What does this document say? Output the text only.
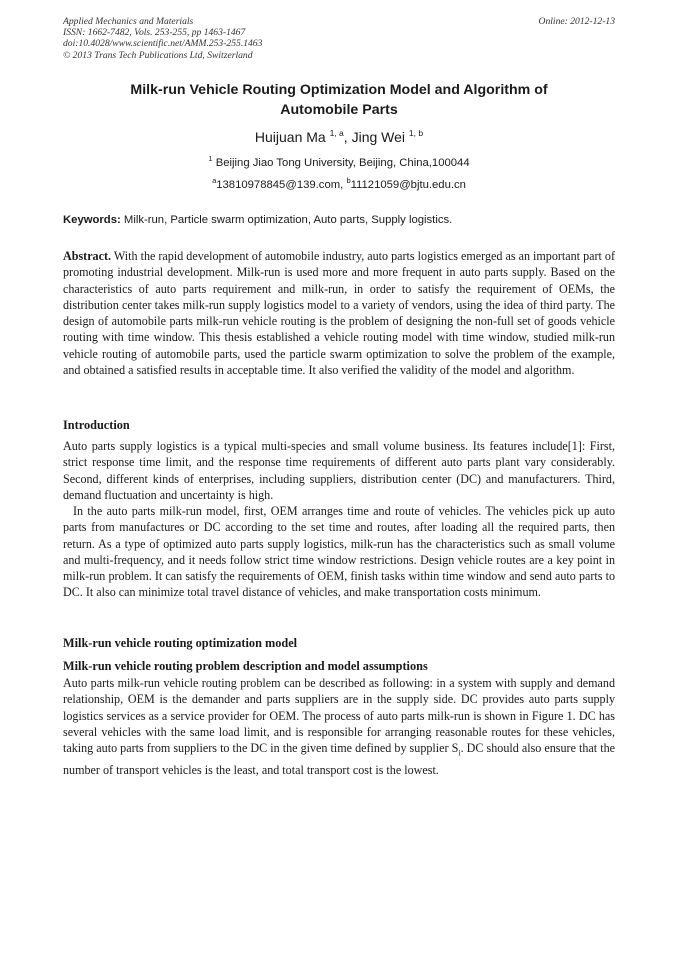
Applied Mechanics and Materials
ISSN: 1662-7482, Vols. 253-255, pp 1463-1467
doi:10.4028/www.scientific.net/AMM.253-255.1463
© 2013 Trans Tech Publications Ltd, Switzerland
Online: 2012-12-13
Milk-run Vehicle Routing Optimization Model and Algorithm of
Automobile Parts
Huijuan Ma $^{1, a}$, Jing Wei $^{1, b}$
$^1$ Beijing Jiao Tong University, Beijing, China,100044
$^a$13810978845@139.com, $^b$11121059@bjtu.edu.cn
Keywords: Milk-run, Particle swarm optimization, Auto parts, Supply logistics.
Abstract. With the rapid development of automobile industry, auto parts logistics emerged as an important part of promoting industrial development. Milk-run is used more and more frequent in auto parts supply. Based on the characteristics of auto parts requirement and milk-run, in order to satisfy the requirement of OEMs, the distribution center takes milk-run supply logistics model to a variety of vendors, using the idea of third party. The design of automobile parts milk-run vehicle routing is the problem of designing the non-full set of goods vehicle routing with time window. This thesis established a vehicle routing model with time window, studied milk-run vehicle routing of automobile parts, used the particle swarm optimization to solve the problem of the example, and obtained a satisfied results in acceptable time. It also verified the validity of the model and algorithm.
Introduction

Auto parts supply logistics is a typical multi-species and small volume business. Its features include[1]: First, strict response time limit, and the response time requirements of different auto parts plant vary considerably. Second, different kinds of enterprises, including suppliers, distribution center (DC) and manufacturers. Third, demand fluctuation and uncertainty is high.

In the auto parts milk-run model, first, OEM arranges time and route of vehicles. The vehicles pick up auto parts from manufactures or DC according to the set time and routes, after loading all the required parts, then return. As a type of optimized auto parts supply logistics, milk-run has the characteristics such as small volume and multi-frequency, and it needs follow strict time window restrictions. Design vehicle routes are a key point in milk-run problem. It can satisfy the requirements of OEM, finish tasks within time window and send auto parts to DC. It also can minimize total travel distance of vehicles, and make transportation costs minimum.

Milk-run vehicle routing optimization model
Milk-run vehicle routing problem description and model assumptions
Auto parts milk-run vehicle routing problem can be described as following: in a system with supply and demand relationship, OEM is the demander and parts suppliers are in the supply side. DC provides auto parts supply logistics services as a service provider for OEM. The process of auto parts milk-run is shown in Figure 1. DC has several vehicles with the same load limit, and is responsible for arranging reasonable routes for these vehicles, taking auto parts from suppliers to the DC in the given time defined by supplier $S_i$. DC should also ensure that the number of transport vehicles is the least, and total transport cost is the lowest.
